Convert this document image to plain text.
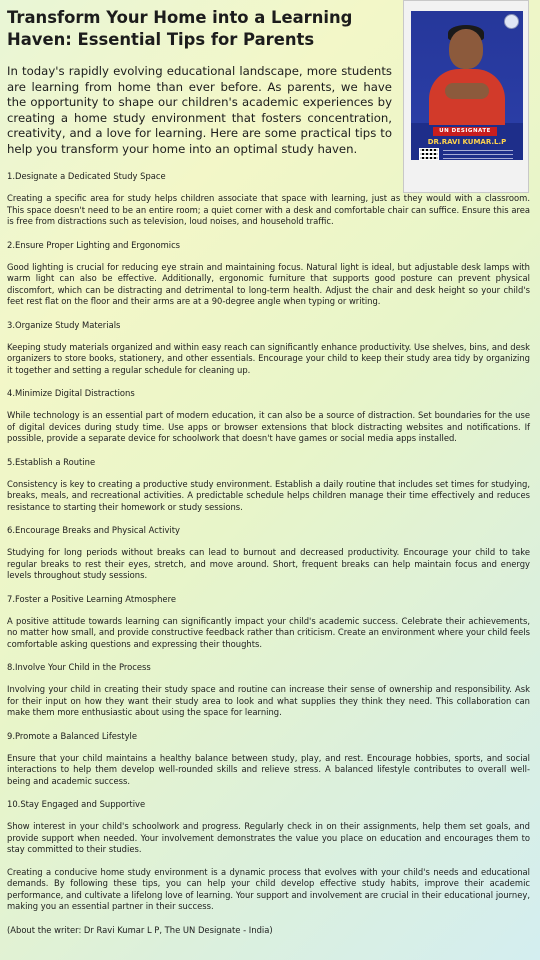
Transform Your Home into a Learning Haven: Essential Tips for Parents

In today's rapidly evolving educational landscape, more students are learning from home than ever before. As parents, we have the opportunity to shape our children's academic experiences by creating a home study environment that fosters concentration, creativity, and a love for learning. Here are some practical tips to help you transform your home into an optimal study haven.

UN DESIGNATE
DR.RAVI KUMAR.L.P
1.Designate a Dedicated Study Space

Creating a specific area for study helps children associate that space with learning, just as they would with a classroom. This space doesn't need to be an entire room; a quiet corner with a desk and comfortable chair can suffice. Ensure this area is free from distractions such as television, loud noises, and household traffic.

2.Ensure Proper Lighting and Ergonomics

Good lighting is crucial for reducing eye strain and maintaining focus. Natural light is ideal, but adjustable desk lamps with warm light can also be effective. Additionally, ergonomic furniture that supports good posture can prevent physical discomfort, which can be distracting and detrimental to long-term health. Adjust the chair and desk height so your child's feet rest flat on the floor and their arms are at a 90-degree angle when typing or writing.

3.Organize Study Materials

Keeping study materials organized and within easy reach can significantly enhance productivity. Use shelves, bins, and desk organizers to store books, stationery, and other essentials. Encourage your child to keep their study area tidy by organizing it together and setting a regular schedule for cleaning up.

4.Minimize Digital Distractions

While technology is an essential part of modern education, it can also be a source of distraction. Set boundaries for the use of digital devices during study time. Use apps or browser extensions that block distracting websites and notifications. If possible, provide a separate device for schoolwork that doesn't have games or social media apps installed.

5.Establish a Routine

Consistency is key to creating a productive study environment. Establish a daily routine that includes set times for studying, breaks, meals, and recreational activities. A predictable schedule helps children manage their time effectively and reduces resistance to starting their homework or study sessions.

6.Encourage Breaks and Physical Activity

Studying for long periods without breaks can lead to burnout and decreased productivity. Encourage your child to take regular breaks to rest their eyes, stretch, and move around. Short, frequent breaks can help maintain focus and energy levels throughout study sessions.

7.Foster a Positive Learning Atmosphere

A positive attitude towards learning can significantly impact your child's academic success. Celebrate their achievements, no matter how small, and provide constructive feedback rather than criticism. Create an environment where your child feels comfortable asking questions and expressing their thoughts.

8.Involve Your Child in the Process

Involving your child in creating their study space and routine can increase their sense of ownership and responsibility. Ask for their input on how they want their study area to look and what supplies they think they need. This collaboration can make them more enthusiastic about using the space for learning.

9.Promote a Balanced Lifestyle

Ensure that your child maintains a healthy balance between study, play, and rest. Encourage hobbies, sports, and social interactions to help them develop well-rounded skills and relieve stress. A balanced lifestyle contributes to overall well-being and academic success.

10.Stay Engaged and Supportive

Show interest in your child's schoolwork and progress. Regularly check in on their assignments, help them set goals, and provide support when needed. Your involvement demonstrates the value you place on education and encourages them to stay committed to their studies.

Creating a conducive home study environment is a dynamic process that evolves with your child's needs and educational demands. By following these tips, you can help your child develop effective study habits, improve their academic performance, and cultivate a lifelong love of learning. Your support and involvement are crucial in their educational journey, making you an essential partner in their success.

(About the writer: Dr Ravi Kumar L P, The UN Designate - India)
